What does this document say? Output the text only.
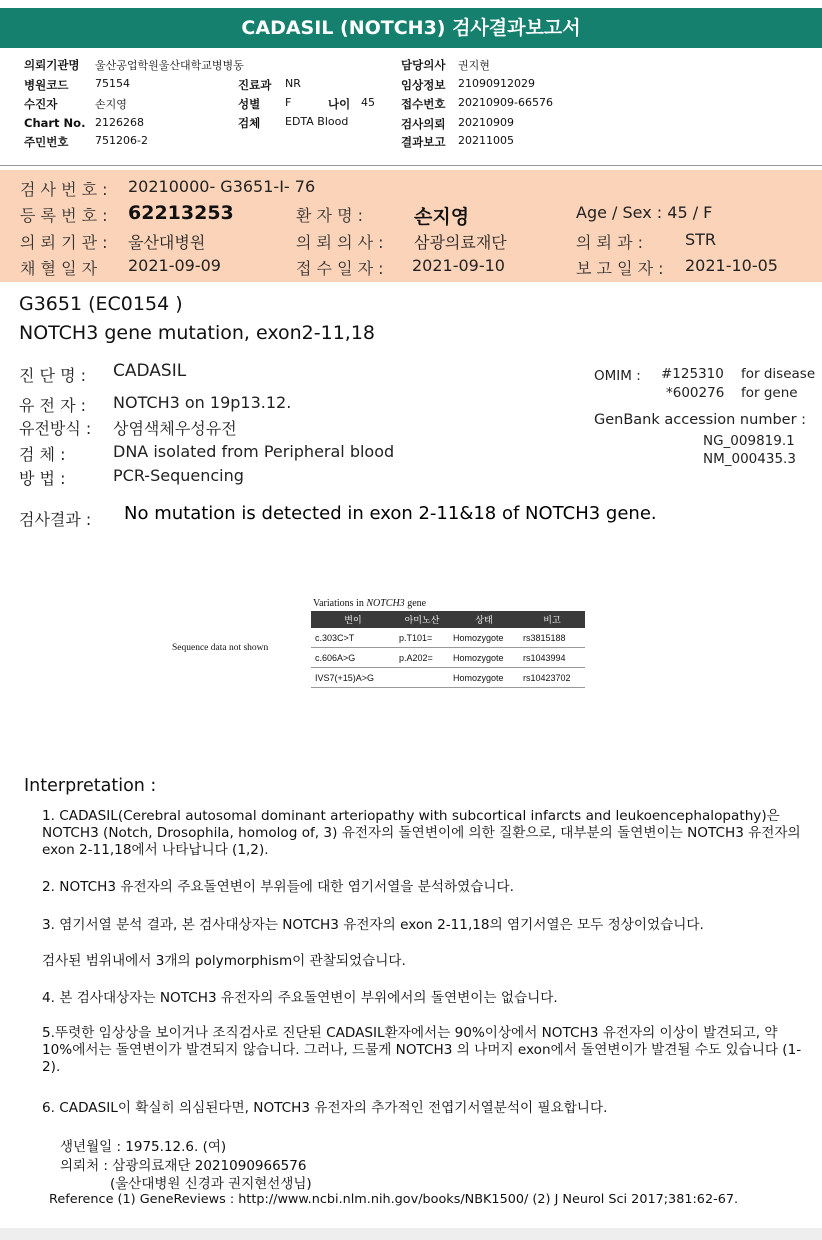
CADASIL (NOTCH3) 검사결과보고서
의뢰기관명 울산공업학원울산대학교병병동
병원코드 75154
수진자	손지영
Chart No. 2126268
주민번호 751206-2
진료과 NR
성별 F	나이 45
검체 EDTA Blood
담당의사 권지현
임상정보 21090912029
접수번호 20210909-66576
검사의뢰 20210909
결과보고 20211005
검 사 번 호 : 20210000- G3651-I- 76
등 록 번 호 : 62213253	환 자 명 :	손지영	Age / Sex : 45 / F
의 뢰 기 관 : 울산대병원	의 뢰 의 사 : 삼광의료재단	의 뢰 과 :	STR
채 혈 일 자 2021-09-09	접 수 일 자 : 2021-09-10	보 고 일 자 : 2021-10-05
G3651 (EC0154 )
NOTCH3 gene mutation, exon2-11,18
진 단 명 : CADASIL
유 전 자 : NOTCH3 on 19p13.12.
유전방식 : 상염색체우성유전
검 체 :	DNA isolated from Peripheral blood
방 법 :	PCR-Sequencing
OMIM : #125310 for disease
*600276 for gene
GenBank accession number :
NG_009819.1
NM_000435.3
검사결과 : No mutation is detected in exon 2-11&18 of NOTCH3 gene.
Sequence data not shown
Variations in NOTCH3 gene
변이	아미노산	상태	비고
c.303C>T	p.T101=	Homozygote	rs3815188
c.606A>G	p.A202=	Homozygote	rs1043994
IVS7(+15)A>G		Homozygote	rs10423702
Interpretation :
1. CADASIL(Cerebral autosomal dominant arteriopathy with subcortical infarcts and leukoencephalopathy)은 NOTCH3 (Notch, Drosophila, homolog of, 3) 유전자의 돌연변이에 의한 질환으로, 대부분의 돌연변이는 NOTCH3 유전자의 exon 2-11,18에서 나타납니다 (1,2).
2. NOTCH3 유전자의 주요돌연변이 부위들에 대한 염기서열을 분석하였습니다.
3. 염기서열 분석 결과, 본 검사대상자는 NOTCH3 유전자의 exon 2-11,18의 염기서열은 모두 정상이었습니다.
검사된 범위내에서 3개의 polymorphism이 관찰되었습니다.
4. 본 검사대상자는 NOTCH3 유전자의 주요돌연변이 부위에서의 돌연변이는 없습니다.
5.뚜렷한 임상상을 보이거나 조직검사로 진단된 CADASIL환자에서는 90%이상에서 NOTCH3 유전자의 이상이 발견되고, 약 10%에서는 돌연변이가 발견되지 않습니다. 그러나, 드물게 NOTCH3 의 나머지 exon에서 돌연변이가 발견될 수도 있습니다 (1-2).
6. CADASIL이 확실히 의심된다면, NOTCH3 유전자의 추가적인 전엽기서열분석이 필요합니다.
생년월일 : 1975.12.6. (여)
의뢰처 : 삼광의료재단 2021090966576
(울산대병원 신경과 권지현선생님)
Reference (1) GeneReviews : http://www.ncbi.nlm.nih.gov/books/NBK1500/ (2) J Neurol Sci 2017;381:62-67.
